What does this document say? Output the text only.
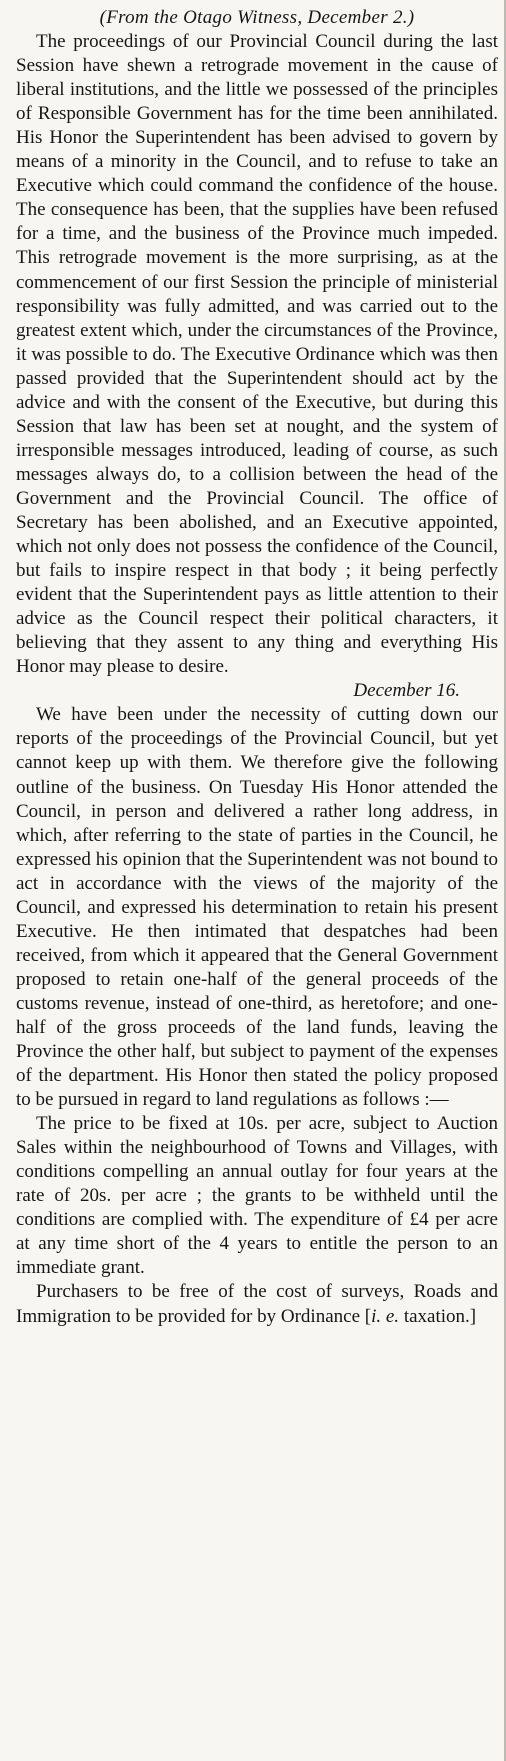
(From the Otago Witness, December 2.)

The proceedings of our Provincial Council during the last Session have shewn a retrograde movement in the cause of liberal institutions, and the little we possessed of the principles of Responsible Government has for the time been annihilated. His Honor the Superintendent has been advised to govern by means of a minority in the Council, and to refuse to take an Executive which could command the confidence of the house. The consequence has been, that the supplies have been refused for a time, and the business of the Province much impeded. This retrograde movement is the more surprising, as at the commencement of our first Session the principle of ministerial responsibility was fully admitted, and was carried out to the greatest extent which, under the circumstances of the Province, it was possible to do. The Executive Ordinance which was then passed provided that the Superintendent should act by the advice and with the consent of the Executive, but during this Session that law has been set at nought, and the system of irresponsible messages introduced, leading of course, as such messages always do, to a collision between the head of the Government and the Provincial Council. The office of Secretary has been abolished, and an Executive appointed, which not only does not possess the confidence of the Council, but fails to inspire respect in that body ; it being perfectly evident that the Superintendent pays as little attention to their advice as the Council respect their political characters, it believing that they assent to any thing and everything His Honor may please to desire.

December 16.

We have been under the necessity of cutting down our reports of the proceedings of the Provincial Council, but yet cannot keep up with them. We therefore give the following outline of the business. On Tuesday His Honor attended the Council, in person and delivered a rather long address, in which, after referring to the state of parties in the Council, he expressed his opinion that the Superintendent was not bound to act in accordance with the views of the majority of the Council, and expressed his determination to retain his present Executive. He then intimated that despatches had been received, from which it appeared that the General Government proposed to retain one-half of the general proceeds of the customs revenue, instead of one-third, as heretofore; and one-half of the gross proceeds of the land funds, leaving the Province the other half, but subject to payment of the expenses of the department. His Honor then stated the policy proposed to be pursued in regard to land regulations as follows :—

The price to be fixed at 10s. per acre, subject to Auction Sales within the neighbourhood of Towns and Villages, with conditions compelling an annual outlay for four years at the rate of 20s. per acre ; the grants to be withheld until the conditions are complied with. The expenditure of £4 per acre at any time short of the 4 years to entitle the person to an immediate grant.

Purchasers to be free of the cost of surveys, Roads and Immigration to be provided for by Ordinance [i. e. taxation.]
